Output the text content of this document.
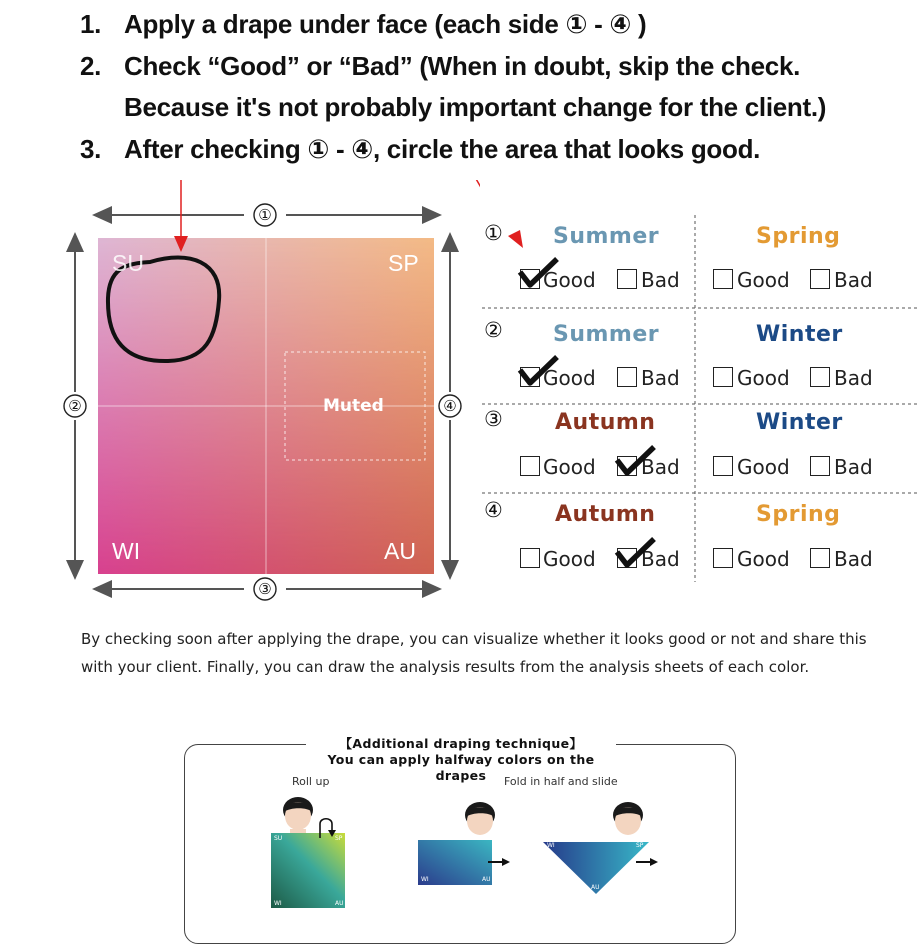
1. Apply a drape under face (each side ① - ④ )
2. Check “Good” or “Bad” (When in doubt, skip the check.
Because it's not probably important change for the client.)
3. After checking ① - ④, circle the area that looks good.
①
③
②	④
SU	SP
WI	AU
Muted
① Summer	Spring
Good Bad	Good Bad
② Summer	Winter
Good Bad	Good Bad
③ Autumn	Winter
Good Bad	Good Bad
④ Autumn	Spring
Good Bad	Good Bad
By checking soon after applying the drape, you can visualize whether it looks good or not and share this
with your client. Finally, you can draw the analysis results from the analysis sheets of each color.
【Additional draping technique】
You can apply halfway colors on the drapes
Roll up	Fold in half and slide
SU	SP
WI	AU
WI	AU
WI	SP
AU
